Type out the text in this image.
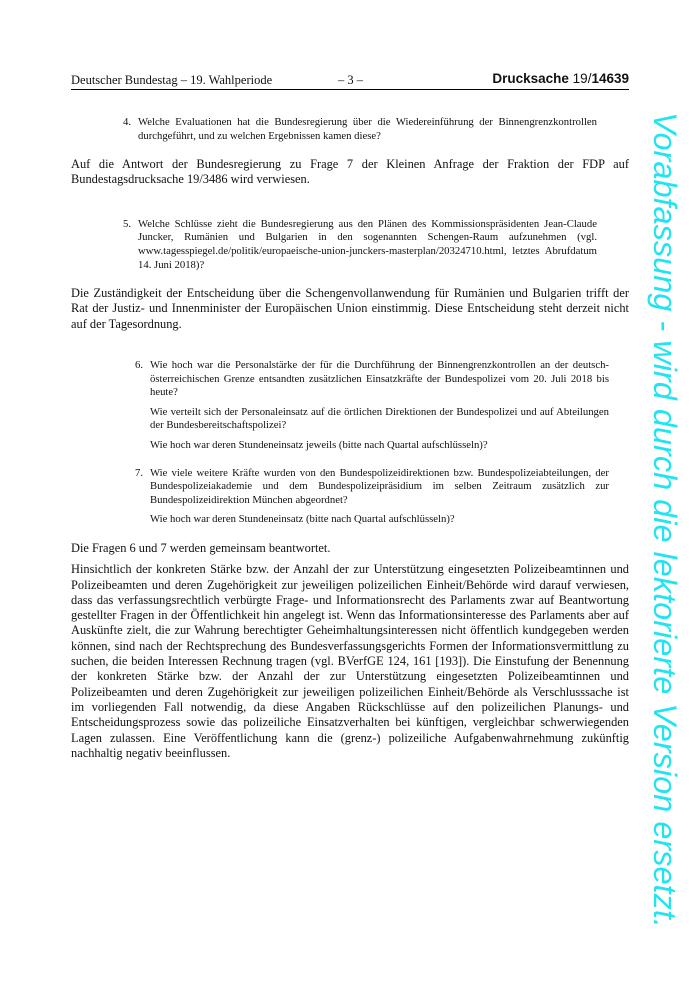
Deutscher Bundestag – 19. Wahlperiode	– 3 –	Drucksache 19/14639
4. Welche Evaluationen hat die Bundesregierung über die Wiedereinführung der Binnengrenzkontrollen durchgeführt, und zu welchen Ergebnissen kamen diese?

Auf die Antwort der Bundesregierung zu Frage 7 der Kleinen Anfrage der Fraktion der FDP auf Bundestagsdrucksache 19/3486 wird verwiesen.

5. Welche Schlüsse zieht die Bundesregierung aus den Plänen des Kommissionspräsidenten Jean-Claude Juncker, Rumänien und Bulgarien in den sogenannten Schengen-Raum aufzunehmen (vgl. www.tagesspiegel.de/politik/europaeische-union-junckers-masterplan/20324710.html, letztes Abrufdatum 14. Juni 2018)?

Die Zuständigkeit der Entscheidung über die Schengenvollanwendung für Rumänien und Bulgarien trifft der Rat der Justiz- und Innenminister der Europäischen Union einstimmig. Diese Entscheidung steht derzeit nicht auf der Tagesordnung.

6. Wie hoch war die Personalstärke der für die Durchführung der Binnengrenzkontrollen an der deutsch-österreichischen Grenze entsandten zusätzlichen Einsatzkräfte der Bundespolizei vom 20. Juli 2018 bis heute?

Wie verteilt sich der Personaleinsatz auf die örtlichen Direktionen der Bundespolizei und auf Abteilungen der Bundesbereitschaftspolizei?

Wie hoch war deren Stundeneinsatz jeweils (bitte nach Quartal aufschlüsseln)?

7. Wie viele weitere Kräfte wurden von den Bundespolizeidirektionen bzw. Bundespolizeiabteilungen, der Bundespolizeiakademie und dem Bundespolizeipräsidium im selben Zeitraum zusätzlich zur Bundespolizeidirektion München abgeordnet?

Wie hoch war deren Stundeneinsatz (bitte nach Quartal aufschlüsseln)?

Die Fragen 6 und 7 werden gemeinsam beantwortet.

Hinsichtlich der konkreten Stärke bzw. der Anzahl der zur Unterstützung eingesetzten Polizeibeamtinnen und Polizeibeamten und deren Zugehörigkeit zur jeweiligen polizeilichen Einheit/Behörde wird darauf verwiesen, dass das verfassungsrechtlich verbürgte Frage- und Informationsrecht des Parlaments zwar auf Beantwortung gestellter Fragen in der Öffentlichkeit hin angelegt ist. Wenn das Informationsinteresse des Parlaments aber auf Auskünfte zielt, die zur Wahrung berechtigter Geheimhaltungsinteressen nicht öffentlich kundgegeben werden können, sind nach der Rechtsprechung des Bundesverfassungsgerichts Formen der Informationsvermittlung zu suchen, die beiden Interessen Rechnung tragen (vgl. BVerfGE 124, 161 [193]). Die Einstufung der Benennung der konkreten Stärke bzw. der Anzahl der zur Unterstützung eingesetzten Polizeibeamtinnen und Polizeibeamten und deren Zugehörigkeit zur jeweiligen polizeilichen Einheit/Behörde als Verschlusssache ist im vorliegenden Fall notwendig, da diese Angaben Rückschlüsse auf den polizeilichen Planungs- und Entscheidungsprozess sowie das polizeiliche Einsatzverhalten bei künftigen, vergleichbar schwerwiegenden Lagen zulassen. Eine Veröffentlichung kann die (grenz-) polizeiliche Aufgabenwahrnehmung zukünftig nachhaltig negativ beeinflussen.	Vorabfassung - wird durch die lektorierte Version ersetzt.
